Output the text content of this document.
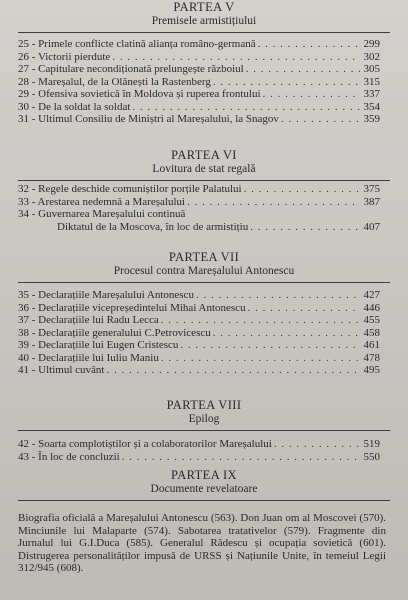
PARTEA V

Premisele armistițiului

25 - Primele conflicte clatină alianța româno-germană . . .	299
26 - Victorii pierdute . . .	302
27 - Capitulare necondiționată prelungește războiul . . .	305
28 - Mareșalul, de la Olănești la Rastenberg . . .	315
29 - Ofensiva sovietică în Moldova și ruperea frontului . . .	337
30 - De la soldat la soldat . . .	354
31 - Ultimul Consiliu de Miniștri al Mareșalului, la Snagov . . .	359

PARTEA VI

Lovitura de stat regală

32 - Regele deschide comuniștilor porțile Palatului . . .	375
33 - Arestarea nedemnă a Mareșalului . . .	387
34 - Guvernarea Mareșalului continuă
Diktatul de la Moscova, în loc de armistițiu . . .	407

PARTEA VII

Procesul contra Mareșalului Antonescu

35 - Declarațiile Mareșalului Antonescu . . .	427
36 - Declarațiile vicepreședintelui Mihai Antonescu . . .	446
37 - Declarațiile lui Radu Lecca . . .	455
38 - Declarațiile generalului C.Petrovicescu . . .	458
39 - Declarațiile lui Eugen Cristescu . . .	461
40 - Declarațiile lui Iuliu Maniu . . .	478
41 - Ultimul cuvânt . . .	495

PARTEA VIII

Epilog

42 - Soarta complotiștilor și a colaboratorilor Mareșalului . . .	519
43 - În loc de concluzii . . .	550

PARTEA IX

Documente revelatoare

Biografia oficială a Mareșalului Antonescu (563). Don Juan om al Moscovei (570). Minciunile lui Malaparte (574). Sabotarea tratativelor (579). Fragmente din Jurnalul lui G.I.Duca (585). Generalul Rădescu și ocupația sovietică (601). Distrugerea personalităților impusă de URSS și Națiunile Unite, în temeiul Legii 312/945 (608).
